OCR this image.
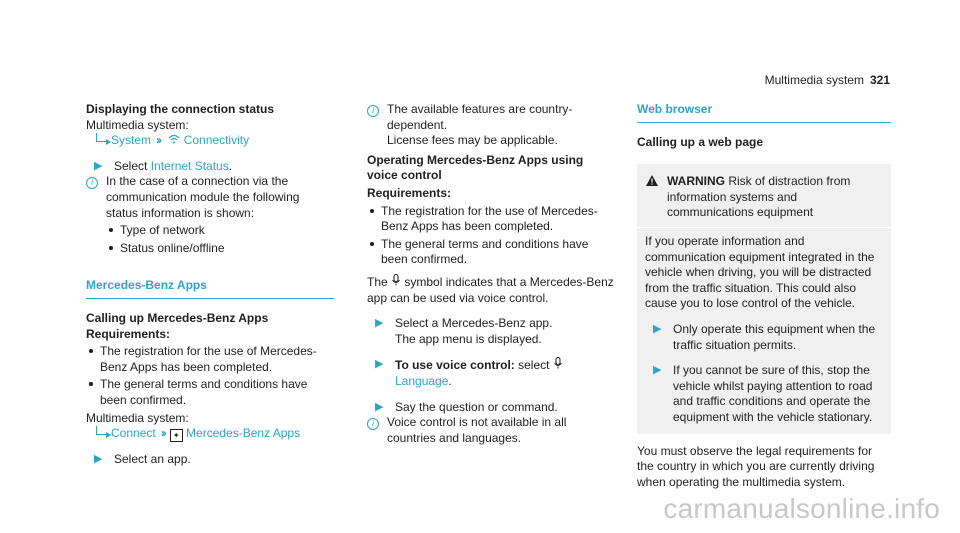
Multimedia system 321
Displaying the connection status
Multimedia system:
System ›› Connectivity
▶ Select Internet Status.
i	In the case of a connection via the communication module the following status information is shown:
Type of network
Status online/offline
Mercedes-Benz Apps
Calling up Mercedes-Benz Apps
Requirements:
The registration for the use of Mercedes-Benz Apps has been completed.
The general terms and conditions have been confirmed.
Multimedia system:
Connect ›› ✦ Mercedes-Benz Apps
▶ Select an app.
i	The available features are country-dependent.
License fees may be applicable.
Operating Mercedes-Benz Apps using voice control
Requirements:
The registration for the use of Mercedes-Benz Apps has been completed.
The general terms and conditions have been confirmed.
The  symbol indicates that a Mercedes-Benz app can be used via voice control.
▶ Select a Mercedes-Benz app.
The app menu is displayed.
▶ To use voice control: select  Language.
▶ Say the question or command.
i	Voice control is not available in all countries and languages.
Web browser
Calling up a web page
WARNING Risk of distraction from information systems and communications equipment
If you operate information and communication equipment integrated in the vehicle when driving, you will be distracted from the traffic situation. This could also cause you to lose control of the vehicle.
▶ Only operate this equipment when the traffic situation permits.
▶ If you cannot be sure of this, stop the vehicle whilst paying attention to road and traffic conditions and operate the equipment with the vehicle stationary.
You must observe the legal requirements for the country in which you are currently driving when operating the multimedia system.
carmanualsonline.info
